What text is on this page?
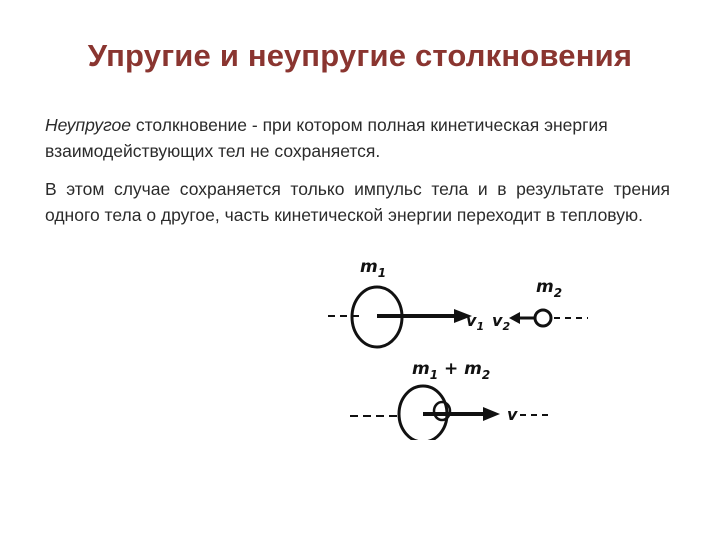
Упругие и неупругие столкновения
Неупругое столкновение - при котором полная кинетическая энергия взаимодействующих тел не сохраняется.
В этом случае сохраняется только импульс тела и в результате трения одного тела о другое, часть кинетической энергии переходит в тепловую.
$m_1$
$v_1$ $v_2$
$m_2$
v
$m_1 + m_2$
